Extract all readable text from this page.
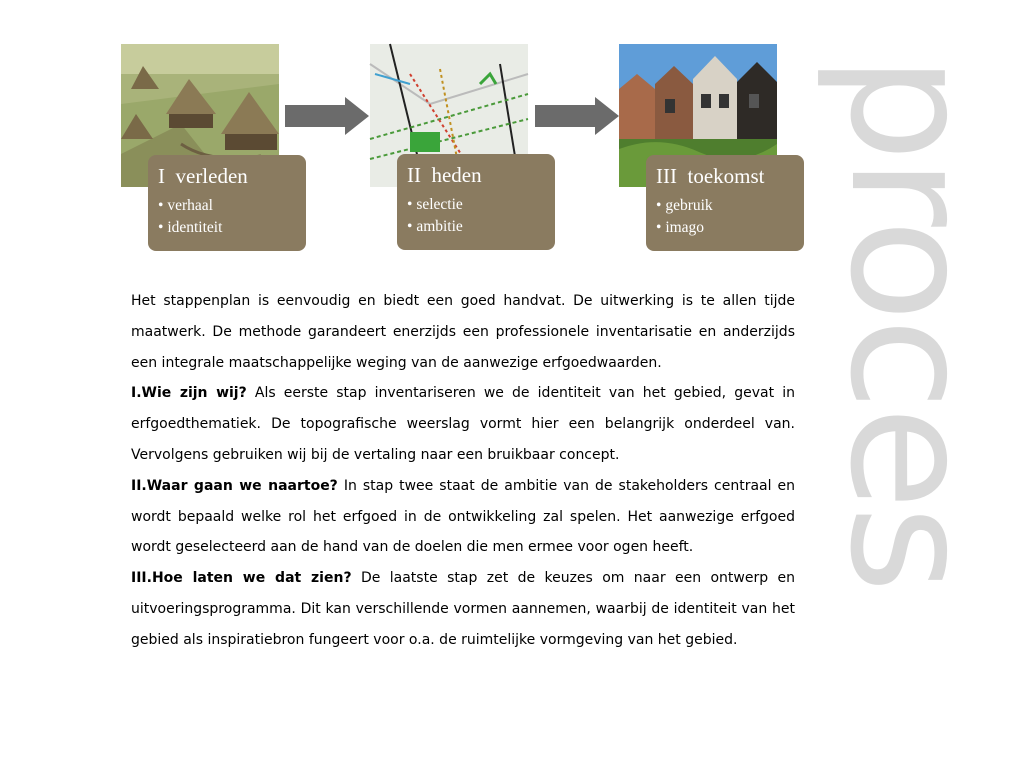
proces
I  verleden
• verhaal
• identiteit
II  heden
• selectie
• ambitie
III  toekomst
• gebruik
• imago

Het stappenplan is eenvoudig en biedt een goed handvat. De uitwerking is te allen tijde maatwerk. De methode garandeert enerzijds een professionele inventarisatie en anderzijds een integrale maatschappelijke weging van de aanwezige erfgoedwaarden.

I.Wie zijn wij? Als eerste stap inventariseren we de identiteit van het gebied, gevat in erfgoedthematiek. De topografische weerslag vormt hier een belangrijk onderdeel van. Vervolgens gebruiken wij bij de vertaling naar een bruikbaar concept.

II.Waar gaan we naartoe? In stap twee staat de ambitie van de stakeholders centraal en wordt bepaald welke rol het erfgoed in de ontwikkeling zal spelen. Het aanwezige erfgoed wordt geselecteerd aan de hand van de doelen die men ermee voor ogen heeft.

III.Hoe laten we dat zien? De laatste stap zet de keuzes om naar een ontwerp en uitvoeringsprogramma. Dit kan verschillende vormen aannemen, waarbij de identiteit van het gebied als inspiratiebron fungeert voor o.a. de ruimtelijke vormgeving van het gebied.
